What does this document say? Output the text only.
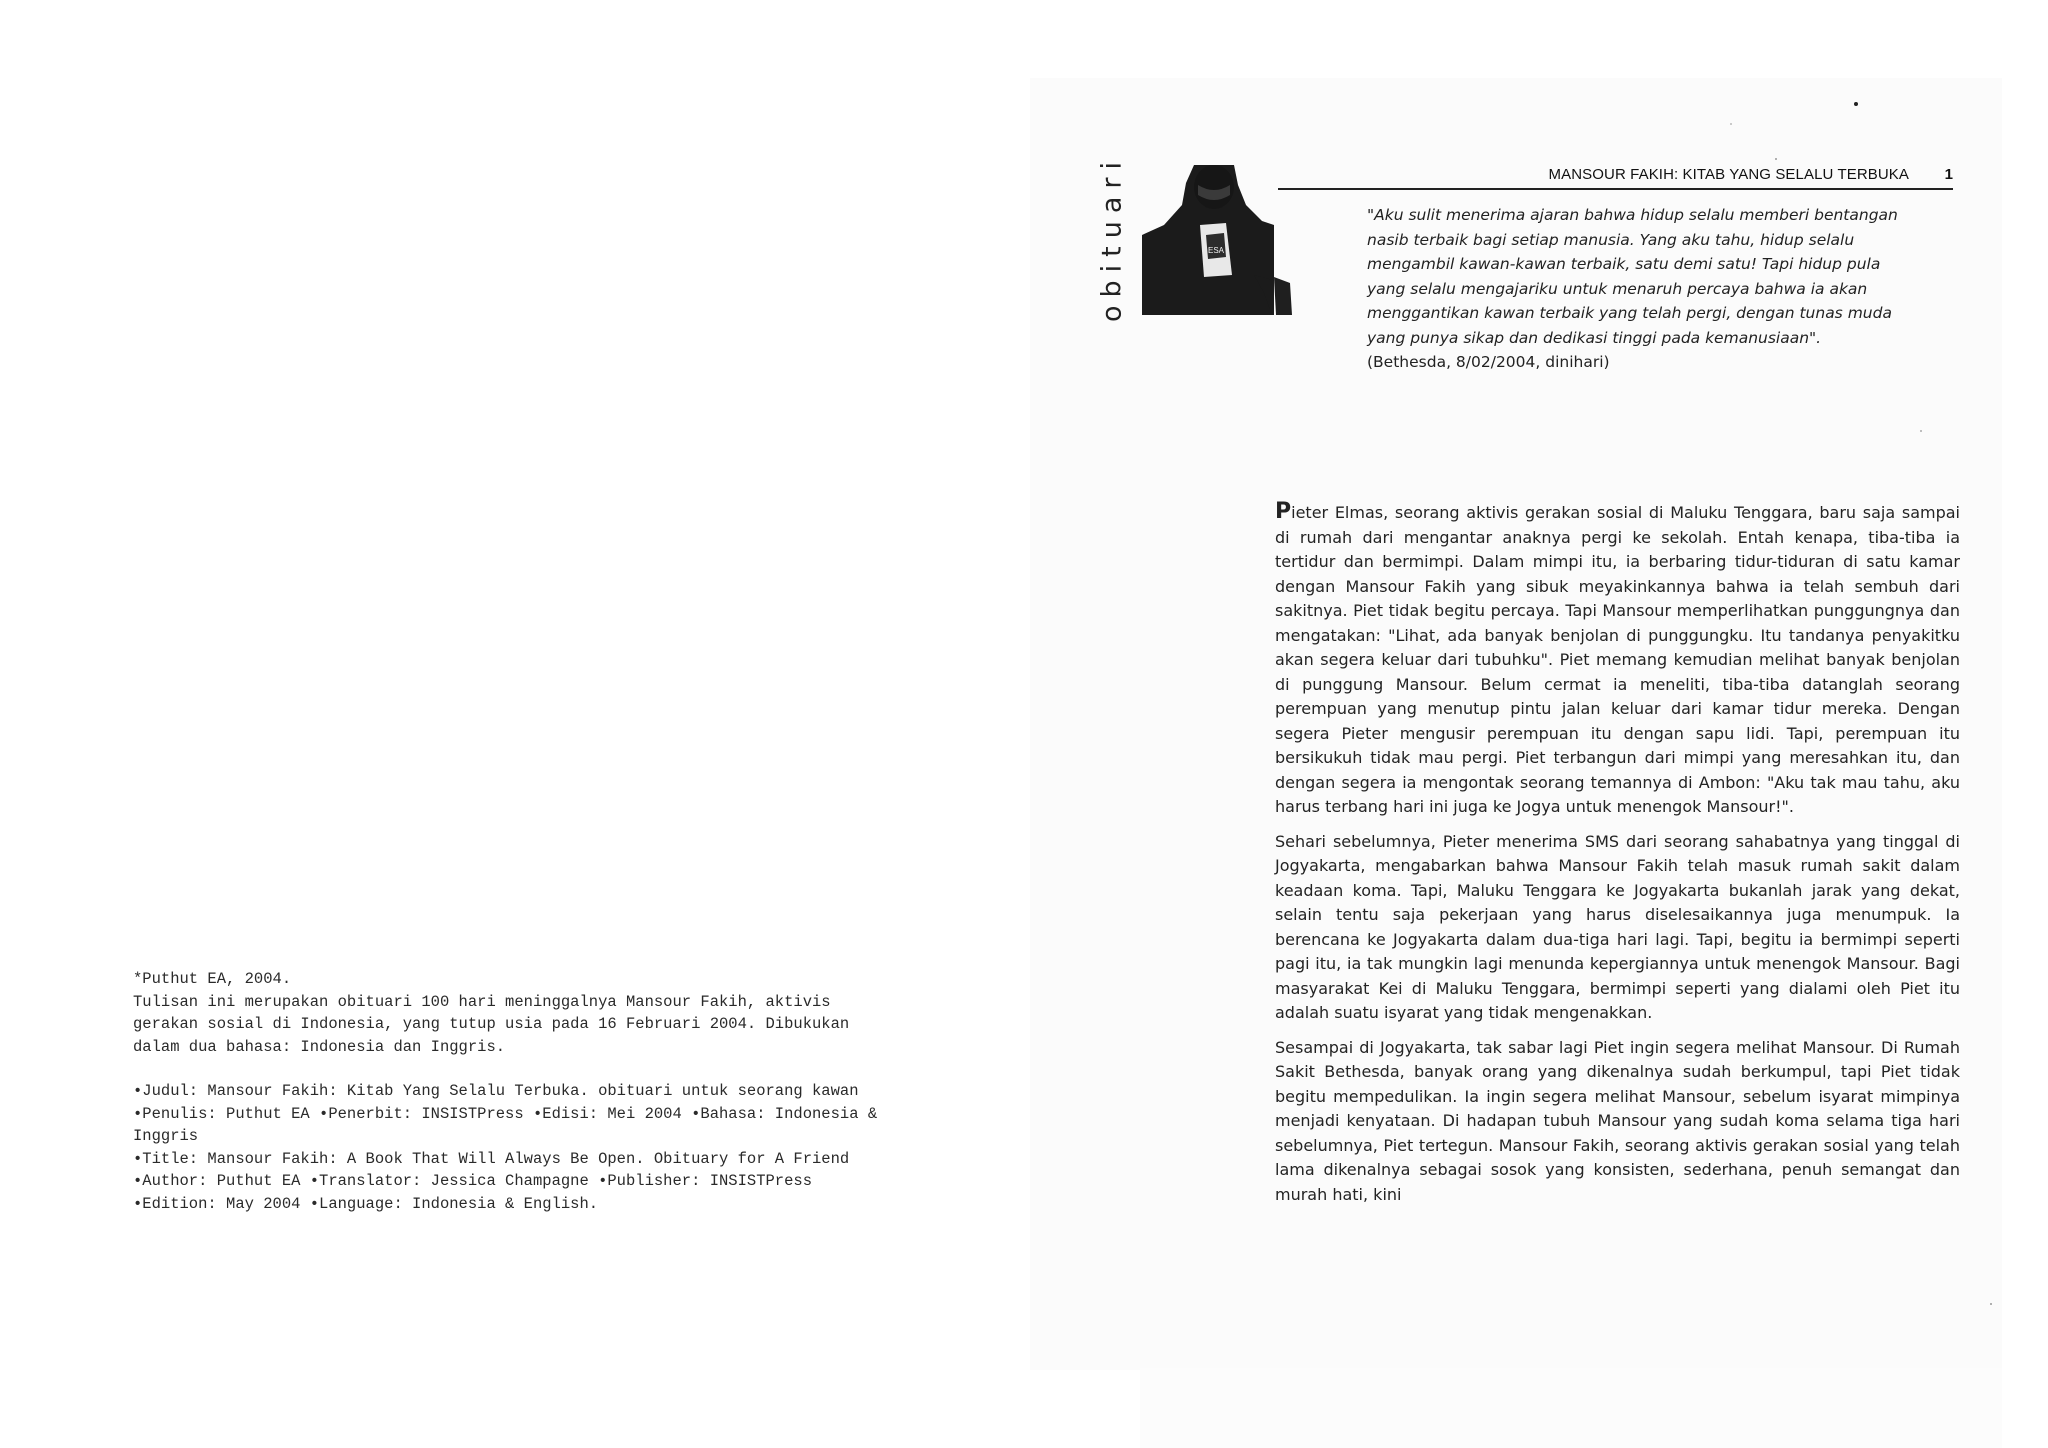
*Puthut EA, 2004.

Tulisan ini merupakan obituari 100 hari meninggalnya Mansour Fakih, aktivis

gerakan sosial di Indonesia, yang tutup usia pada 16 Februari 2004. Dibukukan

dalam dua bahasa: Indonesia dan Inggris.

•Judul: Mansour Fakih: Kitab Yang Selalu Terbuka. obituari untuk seorang kawan

•Penulis: Puthut EA •Penerbit: INSISTPress •Edisi: Mei 2004 •Bahasa: Indonesia &

Inggris

•Title: Mansour Fakih: A Book That Will Always Be Open. Obituary for A Friend

•Author: Puthut EA •Translator: Jessica Champagne •Publisher: INSISTPress

•Edition: May 2004 •Language: Indonesia & English.

obituari	ESA
MANSOUR FAKIH: KITAB YANG SELALU TERBUKA 1

"Aku sulit menerima ajaran bahwa hidup selalu memberi bentangan nasib terbaik bagi setiap manusia. Yang aku tahu, hidup selalu mengambil kawan-kawan terbaik, satu demi satu! Tapi hidup pula yang selalu mengajariku untuk menaruh percaya bahwa ia akan menggantikan kawan terbaik yang telah pergi, dengan tunas muda yang punya sikap dan dedikasi tinggi pada kemanusiaan".

(Bethesda, 8/02/2004, dinihari)

Pieter Elmas, seorang aktivis gerakan sosial di Maluku Tenggara, baru saja sampai di rumah dari mengantar anaknya pergi ke sekolah. Entah kenapa, tiba-tiba ia tertidur dan bermimpi. Dalam mimpi itu, ia berbaring tidur-tiduran di satu kamar dengan Mansour Fakih yang sibuk meyakinkannya bahwa ia telah sembuh dari sakitnya. Piet tidak begitu percaya. Tapi Mansour memperlihatkan punggungnya dan mengatakan: "Lihat, ada banyak benjolan di punggungku. Itu tandanya penyakitku akan segera keluar dari tubuhku". Piet memang kemudian melihat banyak benjolan di punggung Mansour. Belum cermat ia meneliti, tiba-tiba datanglah seorang perempuan yang menutup pintu jalan keluar dari kamar tidur mereka. Dengan segera Pieter mengusir perempuan itu dengan sapu lidi. Tapi, perempuan itu bersikukuh tidak mau pergi. Piet terbangun dari mimpi yang meresahkan itu, dan dengan segera ia mengontak seorang temannya di Ambon: "Aku tak mau tahu, aku harus terbang hari ini juga ke Jogya untuk menengok Mansour!".

Sehari sebelumnya, Pieter menerima SMS dari seorang sahabatnya yang tinggal di Jogyakarta, mengabarkan bahwa Mansour Fakih telah masuk rumah sakit dalam keadaan koma. Tapi, Maluku Tenggara ke Jogyakarta bukanlah jarak yang dekat, selain tentu saja pekerjaan yang harus diselesaikannya juga menumpuk. Ia berencana ke Jogyakarta dalam dua-tiga hari lagi. Tapi, begitu ia bermimpi seperti pagi itu, ia tak mungkin lagi menunda kepergiannya untuk menengok Mansour. Bagi masyarakat Kei di Maluku Tenggara, bermimpi seperti yang dialami oleh Piet itu adalah suatu isyarat yang tidak mengenakkan.

Sesampai di Jogyakarta, tak sabar lagi Piet ingin segera melihat Mansour. Di Rumah Sakit Bethesda, banyak orang yang dikenalnya sudah berkumpul, tapi Piet tidak begitu mempedulikan. Ia ingin segera melihat Mansour, sebelum isyarat mimpinya menjadi kenyataan. Di hadapan tubuh Mansour yang sudah koma selama tiga hari sebelumnya, Piet tertegun. Mansour Fakih, seorang aktivis gerakan sosial yang telah lama dikenalnya sebagai sosok yang konsisten, sederhana, penuh semangat dan murah hati, kini
